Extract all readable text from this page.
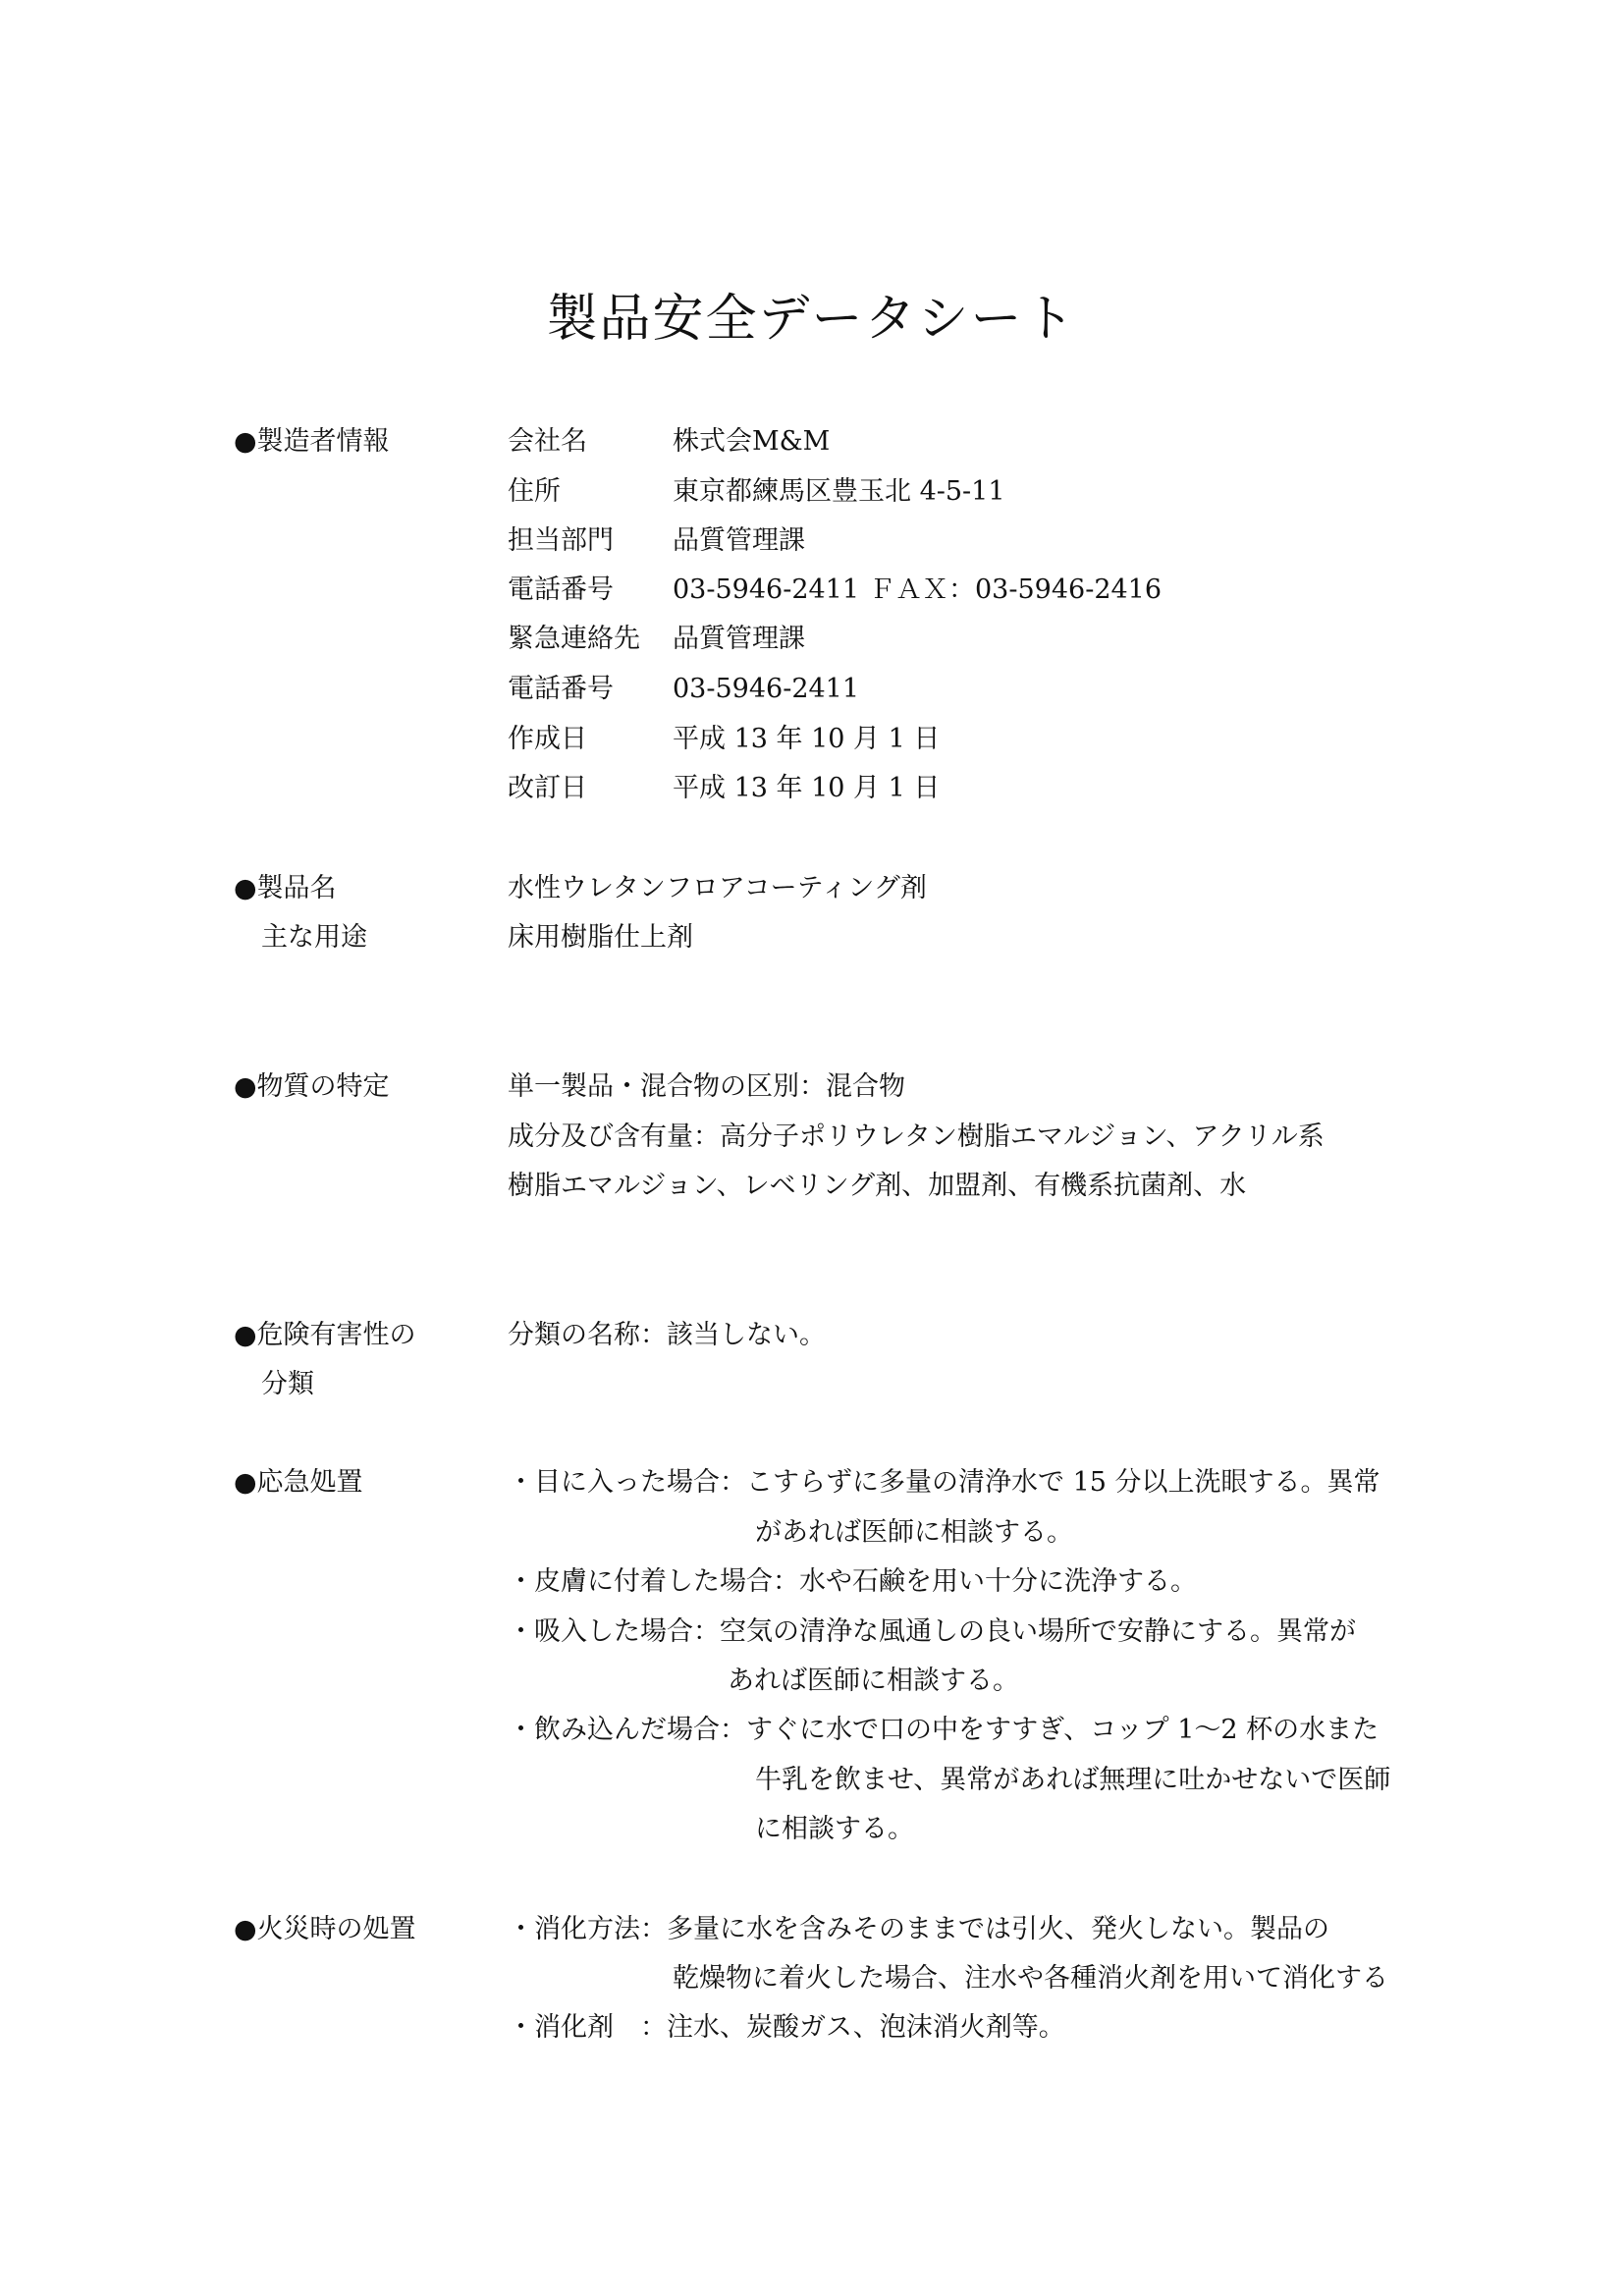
製品安全データシート
●製造者情報	会社名	株式会M&M
住所	東京都練馬区豊玉北 4-5-11
担当部門 品質管理課
電話番号 03-5946-2411 ＦＡＸ：03-5946-2416
緊急連絡先 品質管理課
電話番号 03-5946-2411
作成日	平成 13 年 10 月 1 日
改訂日	平成 13 年 10 月 1 日
●製品名	水性ウレタンフロアコーティング剤
主な用途	床用樹脂仕上剤
●物質の特定	単一製品・混合物の区別：混合物
成分及び含有量：高分子ポリウレタン樹脂エマルジョン、アクリル系
樹脂エマルジョン、レベリング剤、加盟剤、有機系抗菌剤、水
●危険有害性の
分類
分類の名称：該当しない。
●応急処置	・目に入った場合：こすらずに多量の清浄水で 15 分以上洗眼する。異常
があれば医師に相談する。
・皮膚に付着した場合：水や石鹸を用い十分に洗浄する。
・吸入した場合：空気の清浄な風通しの良い場所で安静にする。異常が
あれば医師に相談する。
・飲み込んだ場合：すぐに水で口の中をすすぎ、コップ 1〜2 杯の水また
牛乳を飲ませ、異常があれば無理に吐かせないで医師
に相談する。
●火災時の処置	・消化方法：多量に水を含みそのままでは引火、発火しない。製品の
乾燥物に着火した場合、注水や各種消火剤を用いて消化する
・消化剤　：注水、炭酸ガス、泡沫消火剤等。
